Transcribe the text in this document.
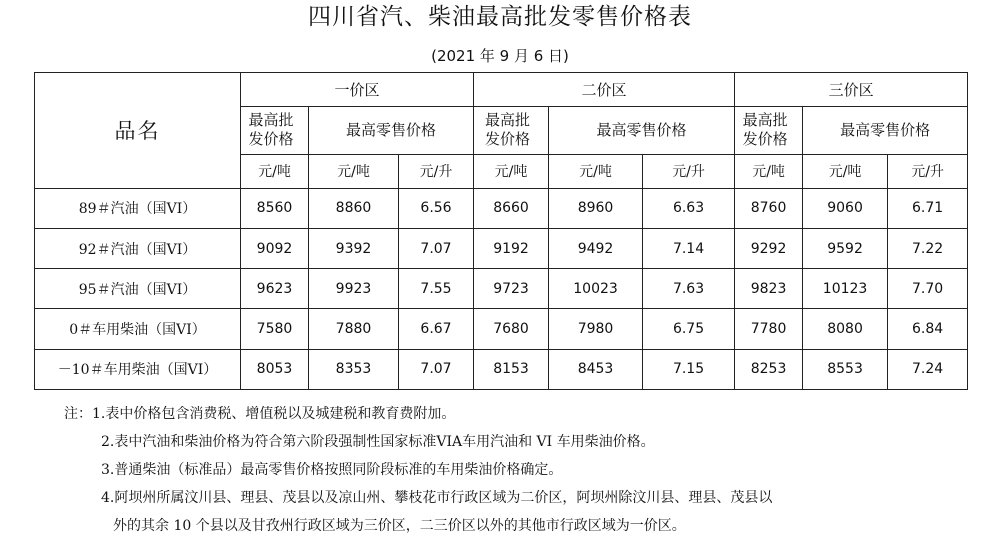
四川省汽、柴油最高批发零售价格表
(2021 年 9 月 6 日)
品名	一价区			二价区			三价区		
	最高批发价格	最高零售价格		最高批发价格	最高零售价格		最高批发价格	最高零售价格	
	元/吨	元/吨	元/升	元/吨	元/吨	元/升	元/吨	元/吨	元/升
89＃汽油（国VI）	8560	8860	6.56	8660	8960	6.63	8760	9060	6.71
92＃汽油（国VI）	9092	9392	7.07	9192	9492	7.14	9292	9592	7.22
95＃汽油（国VI）	9623	9923	7.55	9723	10023	7.63	9823	10123	7.70
0＃车用柴油（国VI）	7580	7880	6.67	7680	7980	6.75	7780	8080	6.84
－10＃车用柴油（国VI）	8053	8353	7.07	8153	8453	7.15	8253	8553	7.24
注：1.表中价格包含消费税、增值税以及城建税和教育费附加。
2.表中汽油和柴油价格为符合第六阶段强制性国家标准VIA车用汽油和 VI 车用柴油价格。
3.普通柴油（标准品）最高零售价格按照同阶段标准的车用柴油价格确定。
4.阿坝州所属汶川县、理县、茂县以及凉山州、攀枝花市行政区域为二价区，阿坝州除汶川县、理县、茂县以
外的其余 10 个县以及甘孜州行政区域为三价区，二三价区以外的其他市行政区域为一价区。
